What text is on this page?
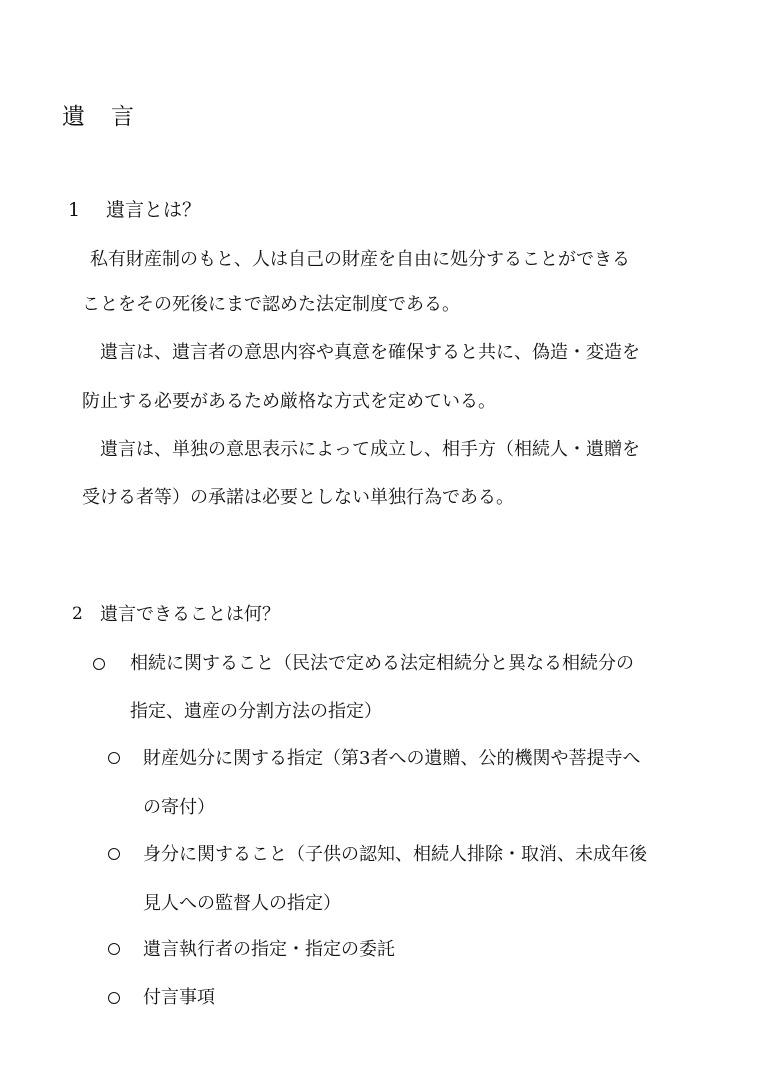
遺 言
1 遺言とは？
私有財産制のもと、人は自己の財産を自由に処分することができる
ことをその死後にまで認めた法定制度である。
遺言は、遺言者の意思内容や真意を確保すると共に、偽造・変造を
防止する必要があるため厳格な方式を定めている。
遺言は、単独の意思表示によって成立し、相手方（相続人・遺贈を
受ける者等）の承諾は必要としない単独行為である。
2 遺言できることは何？
相続に関すること（民法で定める法定相続分と異なる相続分の
指定、遺産の分割方法の指定）
財産処分に関する指定（第3者への遺贈、公的機関や菩提寺へ
の寄付）
身分に関すること（子供の認知、相続人排除・取消、未成年後
見人への監督人の指定）
遺言執行者の指定・指定の委託
付言事項
